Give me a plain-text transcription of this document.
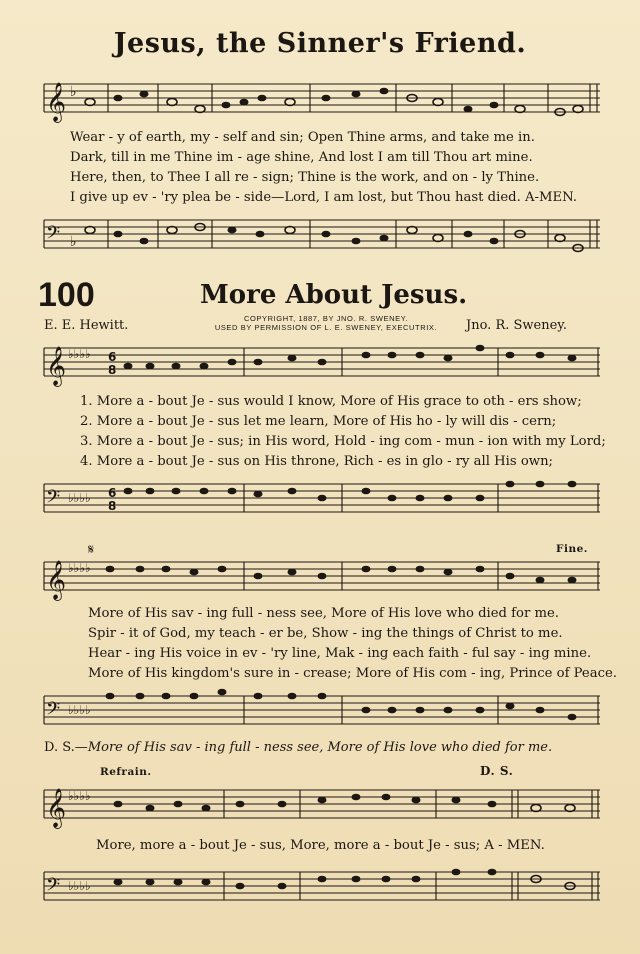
Jesus, the Sinner's Friend.
𝄞 ♭
Wear - y of earth, my - self and sin; Open Thine arms, and take me in.
Dark, till in me Thine im - age shine, And lost I am till Thou art mine.
Here, then, to Thee I all re - sign; Thine is the work, and on - ly Thine.
I give up ev - 'ry plea be - side—Lord, I am lost, but Thou hast died. A-MEN.
𝄢 ♭
100	More About Jesus.
E. E. Hewitt.	COPYRIGHT, 1887, BY JNO. R. SWENEY.
USED BY PERMISSION OF L. E. SWENEY, EXECUTRIX.	Jno. R. Sweney.
𝄞 ♭♭♭♭ 6
8
1. More a - bout Je - sus would I know, More of His grace to oth - ers show;
2. More a - bout Je - sus let me learn, More of His ho - ly will dis - cern;
3. More a - bout Je - sus; in His word, Hold - ing com - mun - ion with my Lord;
4. More a - bout Je - sus on His throne, Rich - es in glo - ry all His own;
𝄢 ♭♭♭♭ 6
8
𝄞 ♭♭♭♭
𝄋	Fine.
More of His sav - ing full - ness see, More of His love who died for me.
Spir - it of God, my teach - er be, Show - ing the things of Christ to me.
Hear - ing His voice in ev - 'ry line, Mak - ing each faith - ful say - ing mine.
More of His kingdom's sure in - crease; More of His com - ing, Prince of Peace.
𝄢 ♭♭♭♭
D. S.—More of His sav - ing full - ness see, More of His love who died for me.
Refrain.	D. S.
𝄞 ♭♭♭♭
More, more a - bout Je - sus, More, more a - bout Je - sus; A - MEN.
𝄢 ♭♭♭♭
